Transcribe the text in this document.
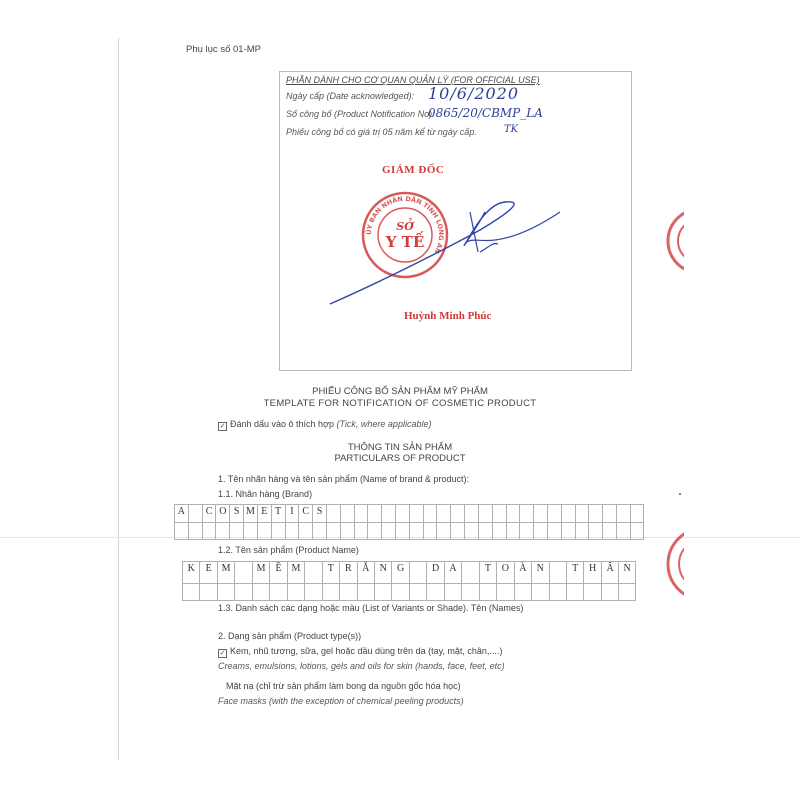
Phụ lục số 01-MP
PHẦN DÀNH CHO CƠ QUAN QUẢN LÝ (FOR OFFICIAL USE)
Ngày cấp (Date acknowledged): 10/6/2020
Số công bố (Product Notification No):
0865/20/CBMP_LA
Phiếu công bố có giá trị 05 năm kể từ ngày cấp.	TK
GIÁM ĐỐC
ỦY BAN NHÂN DÂN TỈNH LONG AN
SỞ
Y TẾ
Huỳnh Minh Phúc
PHIẾU CÔNG BỐ SẢN PHẨM MỸ PHẨM
TEMPLATE FOR NOTIFICATION OF COSMETIC PRODUCT
✓ Đánh dấu vào ô thích hợp (Tick, where applicable)
THÔNG TIN SẢN PHẨM
PARTICULARS OF PRODUCT
1. Tên nhãn hàng và tên sản phẩm (Name of brand & product):
1.1. Nhãn hàng (Brand)
A	C O S M E T I C S
1.2. Tên sản phẩm (Product Name)
K	E M	M Ề M	T	R	Ắ	N	G	D	A	T	O	À	N	T	H	Â N
1.3. Danh sách các dạng hoặc màu (List of Variants or Shade). Tên (Names)
2. Dạng sản phẩm (Product type(s))
✓ Kem, nhũ tương, sữa, gel hoặc dầu dùng trên da (tay, mặt, chân,....)
Creams, emulsions, lotions, gels and oils for skin (hands, face, feet, etc)
Mặt nạ (chỉ trừ sản phẩm làm bong da nguồn gốc hóa học)
Face masks (with the exception of chemical peeling products)
